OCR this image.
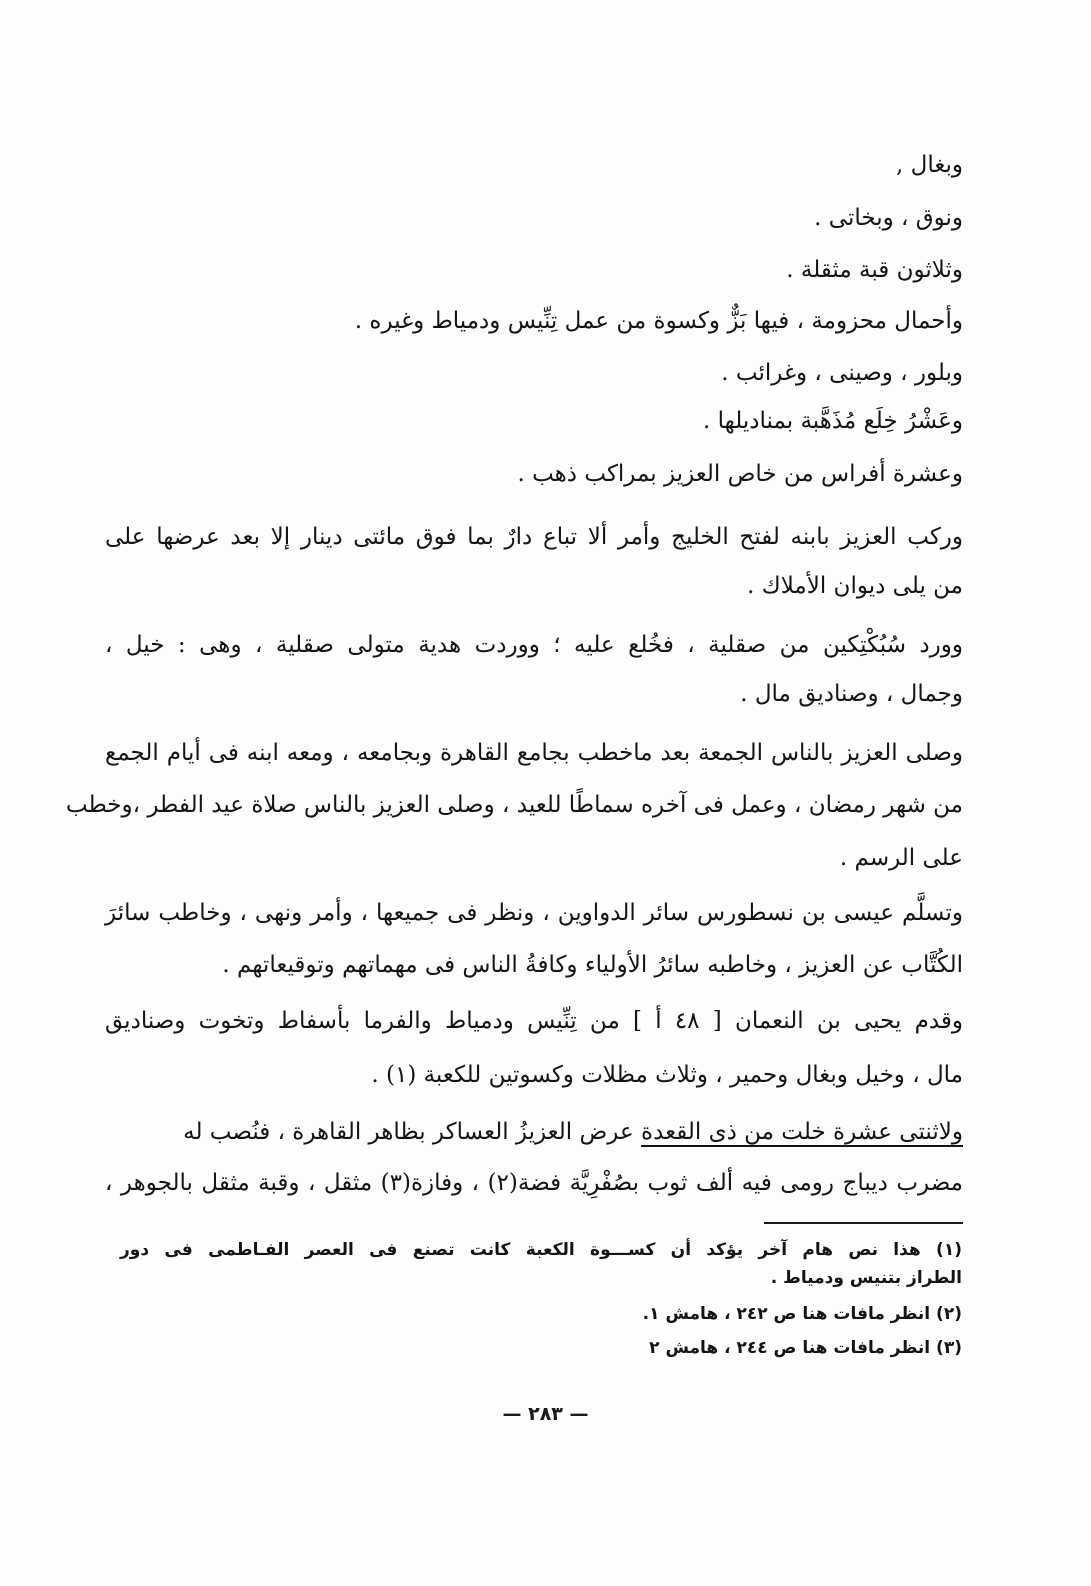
وبغال ,
ونوق ، وبخاتى .
وثلاثون قبة مثقلة .
وأحمال محزومة ، فيها بَزٌّ وكسوة من عمل تِنِّيس ودمياط وغيره .
وبلور ، وصينى ، وغرائب .
وعَشْرُ خِلَع مُذَهَّبة بمناديلها .
وعشرة أفراس من خاص العزيز بمراكب ذهب .
وركب العزيز بابنه لفتح الخليج وأمر ألا تباع دارٌ بما فوق مائتى دينار إلا بعد عرضها على
من يلى ديوان الأملاك .
وورد سُبُكْتِكين من صقلية ، فخُلع عليه ؛ ووردت هدية متولى صقلية ، وهى : خيل ،
وجمال ، وصناديق مال .
وصلى العزيز بالناس الجمعة بعد ماخطب بجامع القاهرة وبجامعه ، ومعه ابنه فى أيام الجمع
من شهر رمضان ، وعمل فى آخره سماطًا للعيد ، وصلى العزيز بالناس صلاة عيد الفطر ،وخطب
على الرسم .
وتسلَّم عيسى بن نسطورس سائر الدواوين ، ونظر فى جميعها ، وأمر ونهى ، وخاطب سائرَ
الكُتَّاب عن العزيز ، وخاطبه سائرُ الأولياء وكافةُ الناس فى مهماتهم وتوقيعاتهم .
وقدم يحيى بن النعمان [ ٤٨ أ ] من تِنِّيس ودمياط والفرما بأسفاط وتخوت وصناديق
مال ، وخيل وبغال وحمير ، وثلاث مظلات وكسوتين للكعبة (١) .
ولاثنتى عشرة خلت من ذى القعدة عرض العزيزُ العساكر بظاهر القاهرة ، فنُصب له
مضرب ديباج رومى فيه ألف ثوب بصُفْرِيَّة فضة(٢) ، وفازة(٣) مثقل ، وقبة مثقل بالجوهر ،
(١) هذا نص هام آخر يؤكد أن كســـوة الكعبة كانت تصنع فى العصر الفـاطمى فى دور
الطراز بتنيس ودمياط .
(٢) انظر مافات هنا ص ٢٤٢ ، هامش ١.
(٣) انظر مافات هنا ص ٢٤٤ ، هامش ٢
— ٢٨٣ —
